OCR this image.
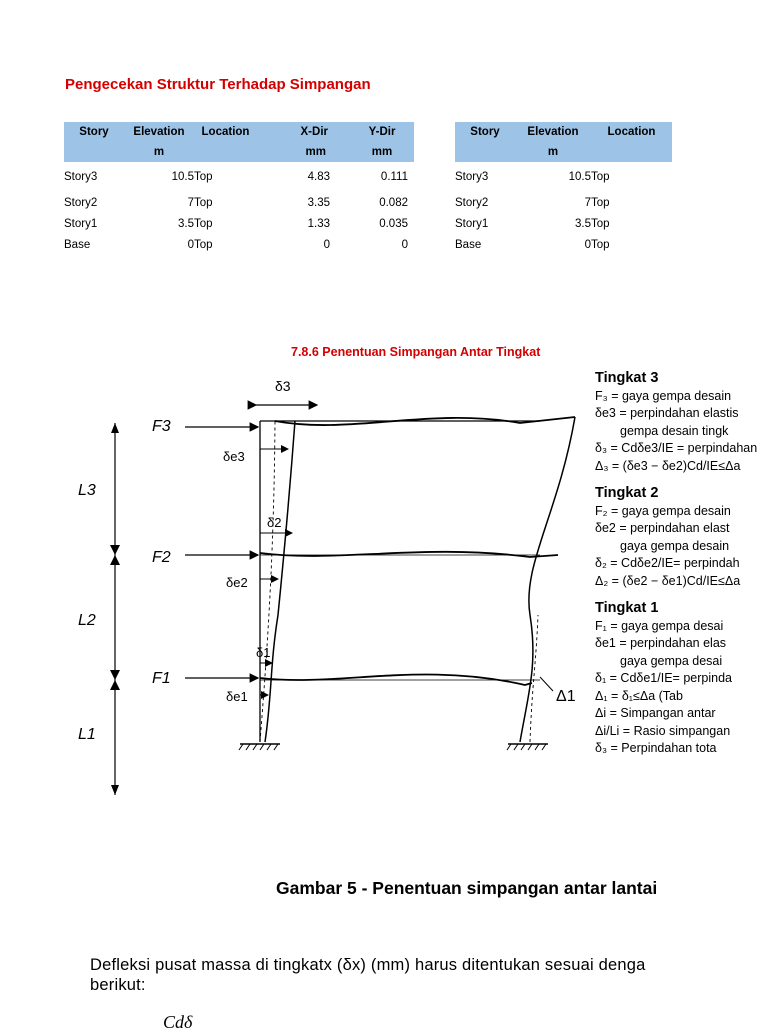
Pengecekan Struktur Terhadap Simpangan
Story	Elevation	Location	X-Dir	Y-Dir
	m		mm	mm
Story3	10.5	Top	4.83	0.111
Story2	7	Top	3.35	0.082
Story1	3.5	Top	1.33	0.035
Base	0	Top	0	0
Story	Elevation	Location
	m	
Story3	10.5	Top
Story2	7	Top
Story1	3.5	Top
Base	0	Top
7.8.6 Penentuan Simpangan Antar Tingkat
δ3
δe3
δ2
δe2
δ1
δe1
F3
F2
F1
L3
L2
L1
Δ1
Tingkat 3
F₃ = gaya gempa desain
δe3 = perpindahan elastis
gempa desain tingk
δ₃ = Cdδe3/IE = perpindahan
Δ₃ = (δe3 − δe2)Cd/IE≤Δa
Tingkat 2
F₂ = gaya gempa desain
δe2 = perpindahan elast
gaya gempa desain
δ₂ = Cdδe2/IE= perpindah
Δ₂ = (δe2 − δe1)Cd/IE≤Δa
Tingkat 1
F₁ = gaya gempa desai
δe1 = perpindahan elas
gaya gempa desai
δ₁ = Cdδe1/IE= perpinda
Δ₁ = δ₁≤Δa (Tab
Δi = Simpangan antar
Δi/Li = Rasio simpangan
δ₃ = Perpindahan tota
Gambar 5 - Penentuan simpangan antar lantai
Defleksi pusat massa di tingkatx (δx) (mm) harus ditentukan sesuai denga
berikut:
Cdδ
